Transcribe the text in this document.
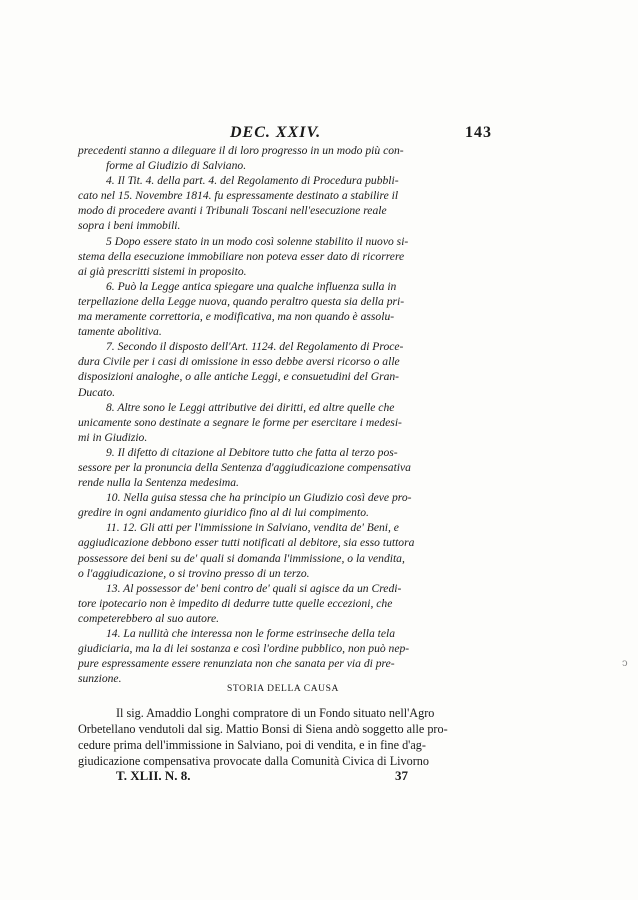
DEC. XXIV.	143
precedenti stanno a dileguare il di loro progresso in un modo più con-
forme al Giudizio di Salviano.
4. Il Tit. 4. della part. 4. del Regolamento di Procedura pubbli-
cato nel 15. Novembre 1814. fu espressamente destinato a stabilire il
modo di procedere avanti i Tribunali Toscani nell'esecuzione reale
sopra i beni immobili.
5 Dopo essere stato in un modo così solenne stabilito il nuovo si-
stema della esecuzione immobiliare non poteva esser dato di ricorrere
ai già prescritti sistemi in proposito.
6. Può la Legge antica spiegare una qualche influenza sulla in
terpellazione della Legge nuova, quando peraltro questa sia della pri-
ma meramente correttoria, e modificativa, ma non quando è assolu-
tamente abolitiva.
7. Secondo il disposto dell'Art. 1124. del Regolamento di Proce-
dura Civile per i casi di omissione in esso debbe aversi ricorso o alle
disposizioni analoghe, o alle antiche Leggi, e consuetudini del Gran-
Ducato.
8. Altre sono le Leggi attributive dei diritti, ed altre quelle che
unicamente sono destinate a segnare le forme per esercitare i medesi-
mi in Giudizio.
9. Il difetto di citazione al Debitore tutto che fatta al terzo pos-
sessore per la pronuncia della Sentenza d'aggiudicazione compensativa
rende nulla la Sentenza medesima.
10. Nella guisa stessa che ha principio un Giudizio così deve pro-
gredire in ogni andamento giuridico fino al di lui compimento.
11. 12. Gli atti per l'immissione in Salviano, vendita de' Beni, e
aggiudicazione debbono esser tutti notificati al debitore, sia esso tuttora
possessore dei beni su de' quali si domanda l'immissione, o la vendita,
o l'aggiudicazione, o si trovino presso di un terzo.
13. Al possessor de' beni contro de' quali si agisce da un Credi-
tore ipotecario non è impedito di dedurre tutte quelle eccezioni, che
competerebbero al suo autore.
14. La nullità che interessa non le forme estrinseche della tela
giudiciaria, ma la di lei sostanza e così l'ordine pubblico, non può nep-
pure espressamente essere renunziata non che sanata per via di pre-
sunzione.
STORIA DELLA CAUSA
Il sig. Amaddio Longhi compratore di un Fondo situato nell'Agro
Orbetellano vendutoli dal sig. Mattio Bonsi di Siena andò soggetto alle pro-
cedure prima dell'immissione in Salviano, poi di vendita, e in fine d'ag-
giudicazione compensativa provocate dalla Comunità Civica di Livorno
T. XLII. N. 8.	37
ↄ
